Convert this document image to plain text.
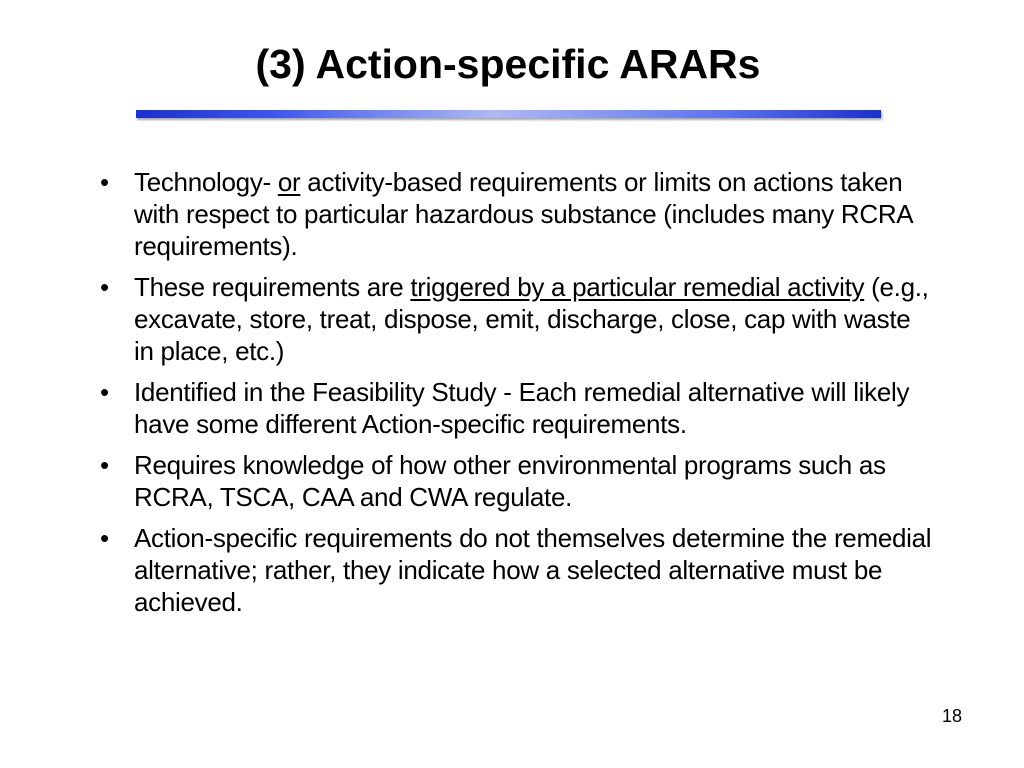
(3) Action-specific ARARs
• Technology- or activity-based requirements or limits on actions taken with respect to particular hazardous substance (includes many RCRA requirements).
• These requirements are triggered by a particular remedial activity (e.g., excavate, store, treat, dispose, emit, discharge, close, cap with waste in place, etc.)
• Identified in the Feasibility Study - Each remedial alternative will likely have some different Action-specific requirements.
• Requires knowledge of how other environmental programs such as RCRA, TSCA, CAA and CWA regulate.
• Action-specific requirements do not themselves determine the remedial alternative; rather, they indicate how a selected alternative must be achieved.
18
